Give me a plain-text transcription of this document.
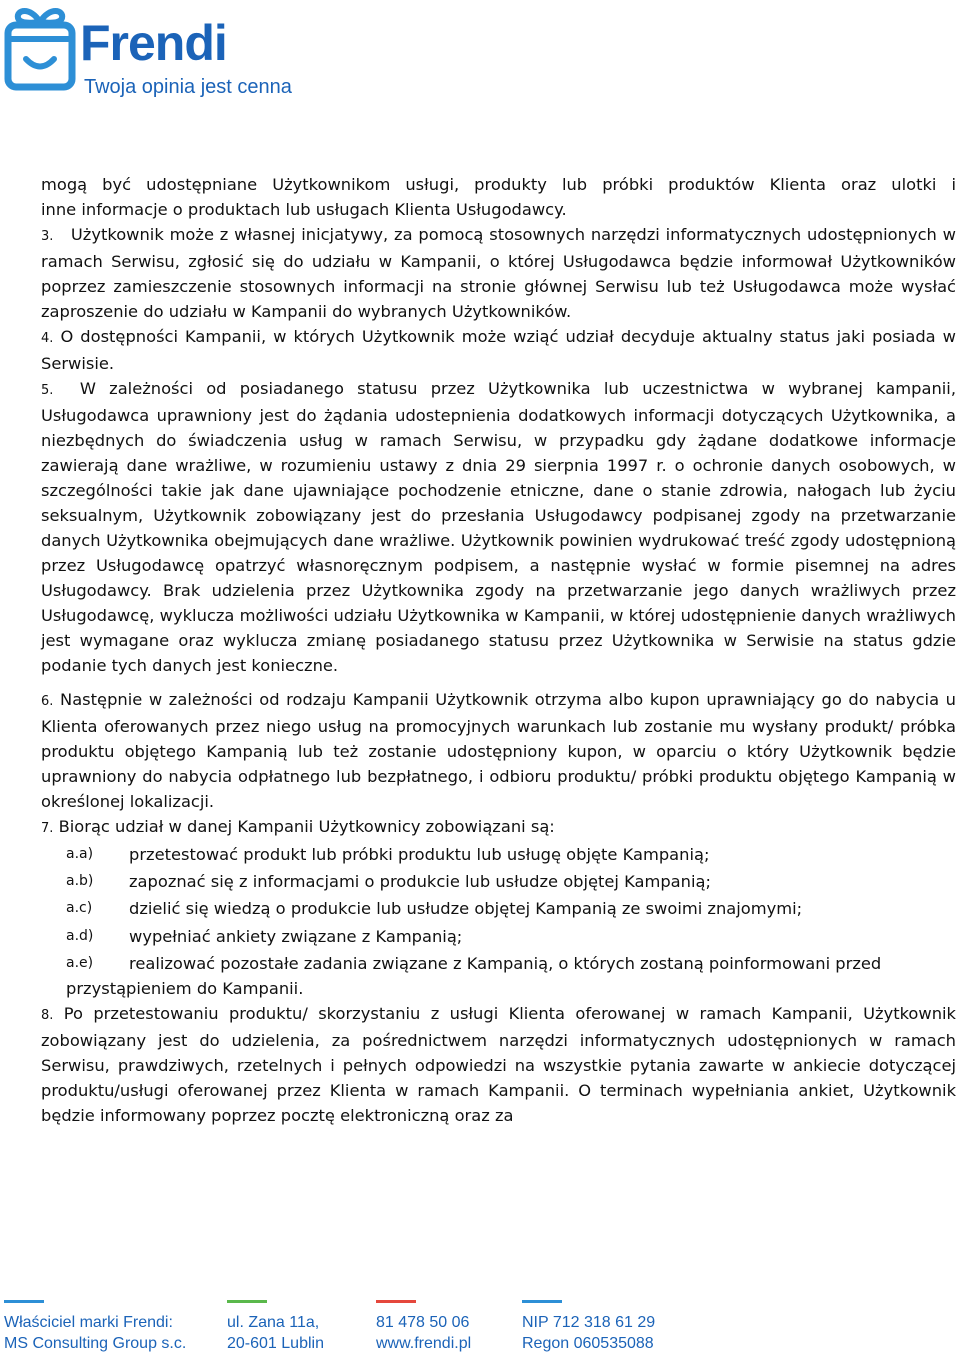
Frendi
Twoja opinia jest cenna

mogą być udostępniane Użytkownikom usługi, produkty lub próbki produktów Klienta oraz ulotki i

inne informacje o produktach lub usługach Klienta Usługodawcy.

3. Użytkownik może z własnej inicjatywy, za pomocą stosownych narzędzi informatycznych udostępnionych w ramach Serwisu, zgłosić się do udziału w Kampanii, o której Usługodawca będzie informował Użytkowników poprzez zamieszczenie stosownych informacji na stronie głównej Serwisu lub też Usługodawca może wysłać zaproszenie do udziału w Kampanii do wybranych Użytkowników.

4. O dostępności Kampanii, w których Użytkownik może wziąć udział decyduje aktualny status jaki posiada w Serwisie.

5. W zależności od posiadanego statusu przez Użytkownika lub uczestnictwa w wybranej kampanii, Usługodawca uprawniony jest do żądania udostepnienia dodatkowych informacji dotyczących Użytkownika, a niezbędnych do świadczenia usług w ramach Serwisu, w przypadku gdy żądane dodatkowe informacje zawierają dane wrażliwe, w rozumieniu ustawy z dnia 29 sierpnia 1997 r. o ochronie danych osobowych, w szczególności takie jak dane ujawniające pochodzenie etniczne, dane o stanie zdrowia, nałogach lub życiu seksualnym, Użytkownik zobowiązany jest do przesłania Usługodawcy podpisanej zgody na przetwarzanie danych Użytkownika obejmujących dane wrażliwe. Użytkownik powinien wydrukować treść zgody udostępnioną przez Usługodawcę opatrzyć własnoręcznym podpisem, a następnie wysłać w formie pisemnej na adres Usługodawcy. Brak udzielenia przez Użytkownika zgody na przetwarzanie jego danych wrażliwych przez Usługodawcę, wyklucza możliwości udziału Użytkownika w Kampanii, w której udostępnienie danych wrażliwych jest wymagane oraz wyklucza zmianę posiadanego statusu przez Użytkownika w Serwisie na status gdzie podanie tych danych jest konieczne.

6. Następnie w zależności od rodzaju Kampanii Użytkownik otrzyma albo kupon uprawniający go do nabycia u Klienta oferowanych przez niego usług na promocyjnych warunkach lub zostanie mu wysłany produkt/ próbka produktu objętego Kampanią lub też zostanie udostępniony kupon, w oparciu o który Użytkownik będzie uprawniony do nabycia odpłatnego lub bezpłatnego, i odbioru produktu/ próbki produktu objętego Kampanią w określonej lokalizacji.

7. Biorąc udział w danej Kampanii Użytkownicy zobowiązani są:

a.a) przetestować produkt lub próbki produktu lub usługę objęte Kampanią;
a.b) zapoznać się z informacjami o produkcie lub usłudze objętej Kampanią;
a.c) dzielić się wiedzą o produkcie lub usłudze objętej Kampanią ze swoimi znajomymi;
a.d) wypełniać ankiety związane z Kampanią;
a.e)	realizować pozostałe zadania związane z Kampanią, o których zostaną poinformowani przed
przystąpieniem do Kampanii.

8. Po przetestowaniu produktu/ skorzystaniu z usługi Klienta oferowanej w ramach Kampanii, Użytkownik zobowiązany jest do udzielenia, za pośrednictwem narzędzi informatycznych udostępnionych w ramach Serwisu, prawdziwych, rzetelnych i pełnych odpowiedzi na wszystkie pytania zawarte w ankiecie dotyczącej produktu/usługi oferowanej przez Klienta w ramach Kampanii. O terminach wypełniania ankiet, Użytkownik będzie informowany poprzez pocztę elektroniczną oraz za

Właściciel marki Frendi:
MS Consulting Group s.c.
ul. Zana 11a,
20-601 Lublin
81 478 50 06
www.frendi.pl
NIP 712 318 61 29
Regon 060535088
